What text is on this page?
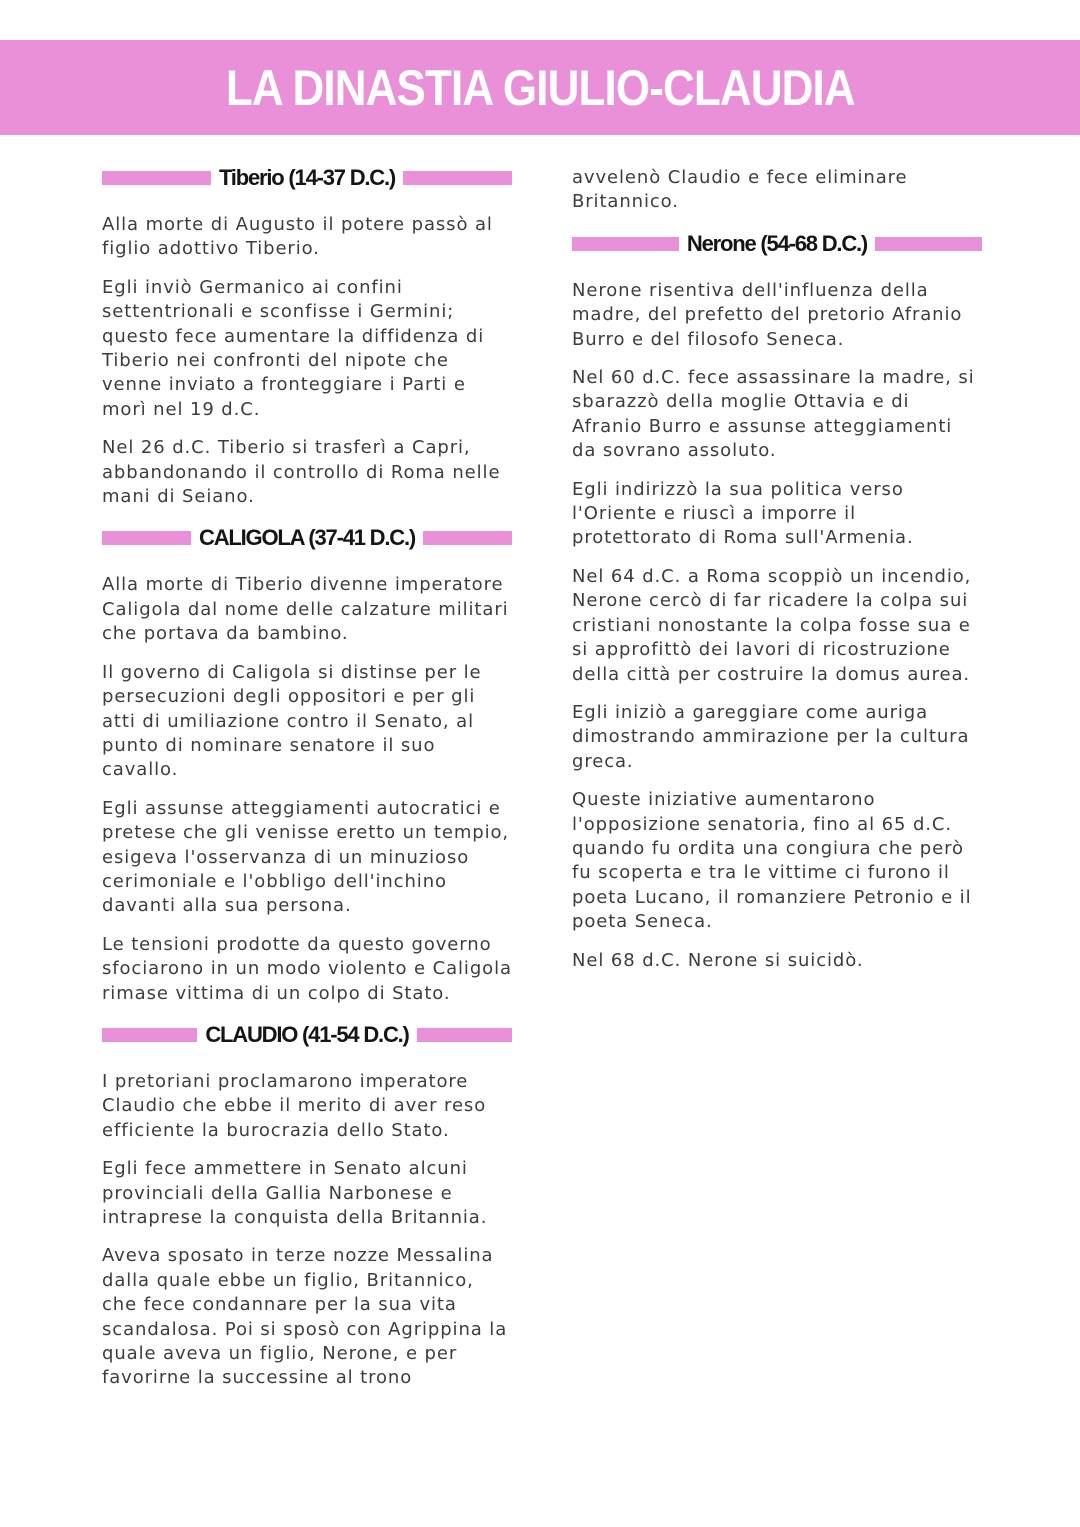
LA DINASTIA GIULIO-CLAUDIA
Tiberio (14-37 D.C.)

Alla morte di Augusto il potere passò al figlio adottivo Tiberio.

Egli inviò Germanico ai confini settentrionali e sconfisse i Germini; questo fece aumentare la diffidenza di Tiberio nei confronti del nipote che venne inviato a fronteggiare i Parti e morì nel 19 d.C.

Nel 26 d.C. Tiberio si trasferì a Capri, abbandonando il controllo di Roma nelle mani di Seiano.

CALIGOLA (37-41 D.C.)

Alla morte di Tiberio divenne imperatore Caligola dal nome delle calzature militari che portava da bambino.

Il governo di Caligola si distinse per le persecuzioni degli oppositori e per gli atti di umiliazione contro il Senato, al punto di nominare senatore il suo cavallo.

Egli assunse atteggiamenti autocratici e pretese che gli venisse eretto un tempio, esigeva l'osservanza di un minuzioso cerimoniale e l'obbligo dell'inchino davanti alla sua persona.

Le tensioni prodotte da questo governo sfociarono in un modo violento e Caligola rimase vittima di un colpo di Stato.

CLAUDIO (41-54 D.C.)

I pretoriani proclamarono imperatore Claudio che ebbe il merito di aver reso efficiente la burocrazia dello Stato.

Egli fece ammettere in Senato alcuni provinciali della Gallia Narbonese e intraprese la conquista della Britannia.

Aveva sposato in terze nozze Messalina dalla quale ebbe un figlio, Britannico, che fece condannare per la sua vita scandalosa. Poi si sposò con Agrippina la quale aveva un figlio, Nerone, e per favorirne la successine al trono

avvelenò Claudio e fece eliminare Britannico.

Nerone (54-68 D.C.)

Nerone risentiva dell'influenza della madre, del prefetto del pretorio Afranio Burro e del filosofo Seneca.

Nel 60 d.C. fece assassinare la madre, si sbarazzò della moglie Ottavia e di Afranio Burro e assunse atteggiamenti da sovrano assoluto.

Egli indirizzò la sua politica verso l'Oriente e riuscì a imporre il protettorato di Roma sull'Armenia.

Nel 64 d.C. a Roma scoppiò un incendio, Nerone cercò di far ricadere la colpa sui cristiani nonostante la colpa fosse sua e si approfittò dei lavori di ricostruzione della città per costruire la domus aurea.

Egli iniziò a gareggiare come auriga dimostrando ammirazione per la cultura greca.

Queste iniziative aumentarono l'opposizione senatoria, fino al 65 d.C. quando fu ordita una congiura che però fu scoperta e tra le vittime ci furono il poeta Lucano, il romanziere Petronio e il poeta Seneca.

Nel 68 d.C. Nerone si suicidò.
